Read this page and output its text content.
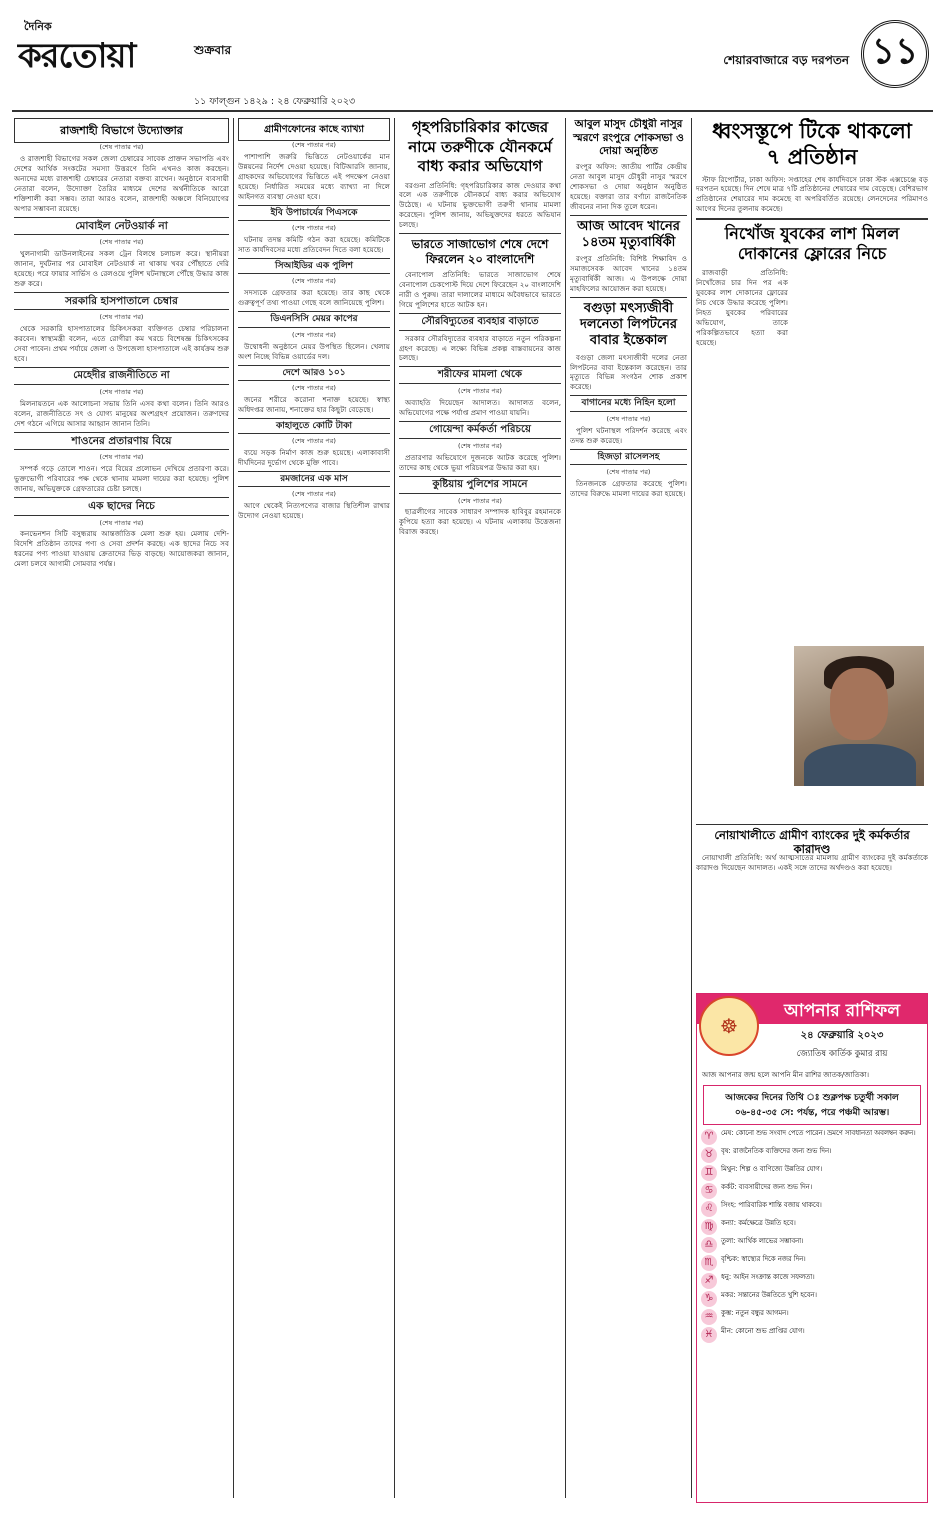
দৈনিক
করতোয়া	শুক্রবার
১১ ফাল্গুন ১৪২৯ : ২৪ ফেব্রুয়ারি ২০২৩
শেয়ারবাজারে বড় দরপতন ১১
রাজশাহী বিভাগে উদ্যোক্তার
(শেষ পাতার পর)

ও রাজশাহী বিভাগের সকল জেলা চেম্বারের সাবেক প্রাক্তন সভাপতি এবং দেশের আর্থিক সংকটের সমস্যা উত্তরণে তিনি এখনও কাজ করছেন। অন্যদের মধ্যে রাজশাহী চেম্বারের নেতারা বক্তব্য রাখেন। অনুষ্ঠানে ব্যবসায়ী নেতারা বলেন, উদ্যোক্তা তৈরির মাধ্যমে দেশের অর্থনীতিকে আরো শক্তিশালী করা সম্ভব। তারা আরও বলেন, রাজশাহী অঞ্চলে বিনিয়োগের অপার সম্ভাবনা রয়েছে।

মোবাইল নেটওয়ার্ক না
(শেষ পাতার পর)

খুলনাগামী ডাউনলাইনের সকল ট্রেন বিলম্বে চলাচল করে। স্থানীয়রা জানান, দুর্ঘটনার পর মোবাইল নেটওয়ার্ক না থাকায় খবর পৌঁছাতে দেরি হয়েছে। পরে ফায়ার সার্ভিস ও রেলওয়ে পুলিশ ঘটনাস্থলে পৌঁছে উদ্ধার কাজ শুরু করে।

সরকারি হাসপাতালে চেম্বার
(শেষ পাতার পর)

থেকে সরকারি হাসপাতালের চিকিৎসকরা ব্যক্তিগত চেম্বার পরিচালনা করবেন। স্বাস্থ্যমন্ত্রী বলেন, এতে রোগীরা কম খরচে বিশেষজ্ঞ চিকিৎসকের সেবা পাবেন। প্রথম পর্যায়ে জেলা ও উপজেলা হাসপাতালে এই কার্যক্রম শুরু হবে।

মেহেদীর রাজনীতিতে না
(শেষ পাতার পর)

মিলনায়তনে এক আলোচনা সভায় তিনি এসব কথা বলেন। তিনি আরও বলেন, রাজনীতিতে সৎ ও যোগ্য মানুষের অংশগ্রহণ প্রয়োজন। তরুণদের দেশ গঠনে এগিয়ে আসার আহ্বান জানান তিনি।

শাওনের প্রতারণায় বিয়ে
(শেষ পাতার পর)

সম্পর্ক গড়ে তোলে শাওন। পরে বিয়ের প্রলোভন দেখিয়ে প্রতারণা করে। ভুক্তভোগী পরিবারের পক্ষ থেকে থানায় মামলা দায়ের করা হয়েছে। পুলিশ জানায়, অভিযুক্তকে গ্রেফতারের চেষ্টা চলছে।

এক ছাদের নিচে
(শেষ পাতার পর)

কনভেনশন সিটি বসুন্ধরায় আন্তর্জাতিক মেলা শুরু হয়। মেলায় দেশি-বিদেশি প্রতিষ্ঠান তাদের পণ্য ও সেবা প্রদর্শন করছে। এক ছাদের নিচে সব ধরনের পণ্য পাওয়া যাওয়ায় ক্রেতাদের ভিড় বাড়ছে। আয়োজকরা জানান, মেলা চলবে আগামী সোমবার পর্যন্ত।

গ্রামীণফোনের কাছে ব্যাখ্যা
(শেষ পাতার পর)

পাশাপাশি জরুরি ভিত্তিতে নেটওয়ার্কের মান উন্নয়নের নির্দেশ দেওয়া হয়েছে। বিটিআরসি জানায়, গ্রাহকদের অভিযোগের ভিত্তিতে এই পদক্ষেপ নেওয়া হয়েছে। নির্ধারিত সময়ের মধ্যে ব্যাখ্যা না দিলে আইনগত ব্যবস্থা নেওয়া হবে।

ইবি উপাচার্যের পিএসকে
(শেষ পাতার পর)

ঘটনায় তদন্ত কমিটি গঠন করা হয়েছে। কমিটিকে সাত কার্যদিবসের মধ্যে প্রতিবেদন দিতে বলা হয়েছে।

সিআইডির এক পুলিশ
(শেষ পাতার পর)

সদস্যকে গ্রেফতার করা হয়েছে। তার কাছ থেকে গুরুত্বপূর্ণ তথ্য পাওয়া গেছে বলে জানিয়েছে পুলিশ।

ডিএনসিসি মেয়র কাপের
(শেষ পাতার পর)

উদ্বোধনী অনুষ্ঠানে মেয়র উপস্থিত ছিলেন। খেলায় অংশ নিচ্ছে বিভিন্ন ওয়ার্ডের দল।

দেশে আরও ১০১
(শেষ পাতার পর)

জনের শরীরে করোনা শনাক্ত হয়েছে। স্বাস্থ্য অধিদপ্তর জানায়, শনাক্তের হার কিছুটা বেড়েছে।

কাহালুতে কোটি টাকা
(শেষ পাতার পর)

ব্যয়ে সড়ক নির্মাণ কাজ শুরু হয়েছে। এলাকাবাসী দীর্ঘদিনের দুর্ভোগ থেকে মুক্তি পাবে।

রমজানের এক মাস
(শেষ পাতার পর)

আগে থেকেই নিত্যপণ্যের বাজার স্থিতিশীল রাখার উদ্যোগ নেওয়া হয়েছে।

গৃহপরিচারিকার কাজের নামে তরুণীকে যৌনকর্মে বাধ্য করার অভিযোগ

বরগুনা প্রতিনিধি: গৃহপরিচারিকার কাজ দেওয়ার কথা বলে এক তরুণীকে যৌনকর্মে বাধ্য করার অভিযোগ উঠেছে। এ ঘটনায় ভুক্তভোগী তরুণী থানায় মামলা করেছেন। পুলিশ জানায়, অভিযুক্তদের ধরতে অভিযান চলছে।

ভারতে সাজাভোগ শেষে দেশে ফিরলেন ২০ বাংলাদেশি

বেনাপোল প্রতিনিধি: ভারতে সাজাভোগ শেষে বেনাপোল চেকপোস্ট দিয়ে দেশে ফিরেছেন ২০ বাংলাদেশি নারী ও পুরুষ। তারা দালালের মাধ্যমে অবৈধভাবে ভারতে গিয়ে পুলিশের হাতে আটক হন।

সৌরবিদ্যুতের ব্যবহার বাড়াতে

সরকার সৌরবিদ্যুতের ব্যবহার বাড়াতে নতুন পরিকল্পনা গ্রহণ করেছে। এ লক্ষ্যে বিভিন্ন প্রকল্প বাস্তবায়নের কাজ চলছে।

শরীফের মামলা থেকে
(শেষ পাতার পর)

অব্যাহতি দিয়েছেন আদালত। আদালত বলেন, অভিযোগের পক্ষে পর্যাপ্ত প্রমাণ পাওয়া যায়নি।

গোয়েন্দা কর্মকর্তা পরিচয়ে
(শেষ পাতার পর)

প্রতারণার অভিযোগে দুজনকে আটক করেছে পুলিশ। তাদের কাছ থেকে ভুয়া পরিচয়পত্র উদ্ধার করা হয়।

কুষ্টিয়ায় পুলিশের সামনে
(শেষ পাতার পর)

ছাত্রলীগের সাবেক সাধারণ সম্পাদক হাবিবুর রহমানকে কুপিয়ে হত্যা করা হয়েছে। এ ঘটনায় এলাকায় উত্তেজনা বিরাজ করছে।

আবুল মাসুদ চৌধুরী নাসুর স্মরণে রংপুরে শোকসভা ও দোয়া অনুষ্ঠিত

রংপুর অফিস: জাতীয় পার্টির কেন্দ্রীয় নেতা আবুল মাসুদ চৌধুরী নাসুর স্মরণে শোকসভা ও দোয়া অনুষ্ঠান অনুষ্ঠিত হয়েছে। বক্তারা তার বর্ণাঢ্য রাজনৈতিক জীবনের নানা দিক তুলে ধরেন।

আজ আবেদ খানের ১৪তম মৃত্যুবার্ষিকী

রংপুর প্রতিনিধি: বিশিষ্ট শিক্ষাবিদ ও সমাজসেবক আবেদ খানের ১৪তম মৃত্যুবার্ষিকী আজ। এ উপলক্ষে দোয়া মাহফিলের আয়োজন করা হয়েছে।

বগুড়া মৎস্যজীবী দলনেতা লিপটনের বাবার ইন্তেকাল

বগুড়া জেলা মৎস্যজীবী দলের নেতা লিপটনের বাবা ইন্তেকাল করেছেন। তার মৃত্যুতে বিভিন্ন সংগঠন শোক প্রকাশ করেছে।

বাগানের মধ্যে নিহিন হলো
(শেষ পাতার পর)

পুলিশ ঘটনাস্থল পরিদর্শন করেছে এবং তদন্ত শুরু করেছে।

হিজড়া রাসেলসহ
(শেষ পাতার পর)

তিনজনকে গ্রেফতার করেছে পুলিশ। তাদের বিরুদ্ধে মামলা দায়ের করা হয়েছে।

ধ্বংসস্তূপে টিকে থাকলো
৭ প্রতিষ্ঠান

স্টাফ রিপোর্টার, ঢাকা অফিস: সপ্তাহের শেষ কার্যদিবসে ঢাকা স্টক এক্সচেঞ্জে বড় দরপতন হয়েছে। দিন শেষে মাত্র ৭টি প্রতিষ্ঠানের শেয়ারের দাম বেড়েছে। বেশিরভাগ প্রতিষ্ঠানের শেয়ারের দাম কমেছে বা অপরিবর্তিত রয়েছে। লেনদেনের পরিমাণও আগের দিনের তুলনায় কমেছে।

নিখোঁজ যুবকের লাশ মিলল দোকানের ফ্লোরের নিচে

রাজবাড়ী প্রতিনিধি: নিখোঁজের চার দিন পর এক যুবকের লাশ দোকানের ফ্লোরের নিচ থেকে উদ্ধার করেছে পুলিশ। নিহত যুবকের পরিবারের অভিযোগ, তাকে পরিকল্পিতভাবে হত্যা করা হয়েছে।

নোয়াখালীতে গ্রামীণ ব্যাংকের দুই কর্মকর্তার কারাদণ্ড

নোয়াখালী প্রতিনিধি: অর্থ আত্মসাতের মামলায় গ্রামীণ ব্যাংকের দুই কর্মকর্তাকে কারাদণ্ড দিয়েছেন আদালত। একই সঙ্গে তাদের অর্থদণ্ডও করা হয়েছে।

☸
আপনার রাশিফল
২৪ ফেব্রুয়ারি ২০২৩
জ্যোতিষ কার্তিক কুমার রায়
আজ আপনার জন্ম হলে আপনি মীন রাশির জাতক/জাতিকা।
আজকের দিনের তিথি ঃ শুক্লপক্ষ চতুর্থী সকাল ০৬-৪৫-৩৫ সে: পর্যন্ত, পরে পঞ্চমী আরম্ভ।
♈	মেষ: কোনো শুভ সংবাদ পেতে পারেন। ভ্রমণে সাবধানতা অবলম্বন করুন।
♉	বৃষ: রাজনৈতিক ব্যক্তিদের জন্য শুভ দিন।
♊	মিথুন: শিল্প ও বাণিজ্যে উন্নতির যোগ।
♋	কর্কট: ব্যবসায়ীদের জন্য শুভ দিন।
♌	সিংহ: পারিবারিক শান্তি বজায় থাকবে।
♍	কন্যা: কর্মক্ষেত্রে উন্নতি হবে।
♎	তুলা: আর্থিক লাভের সম্ভাবনা।
♏	বৃশ্চিক: স্বাস্থ্যের দিকে নজর দিন।
♐	ধনু: আইন সংক্রান্ত কাজে সফলতা।
♑	মকর: সন্তানের উন্নতিতে খুশি হবেন।
♒	কুম্ভ: নতুন বন্ধুর আগমন।
♓	মীন: কোনো শুভ প্রাপ্তির যোগ।
